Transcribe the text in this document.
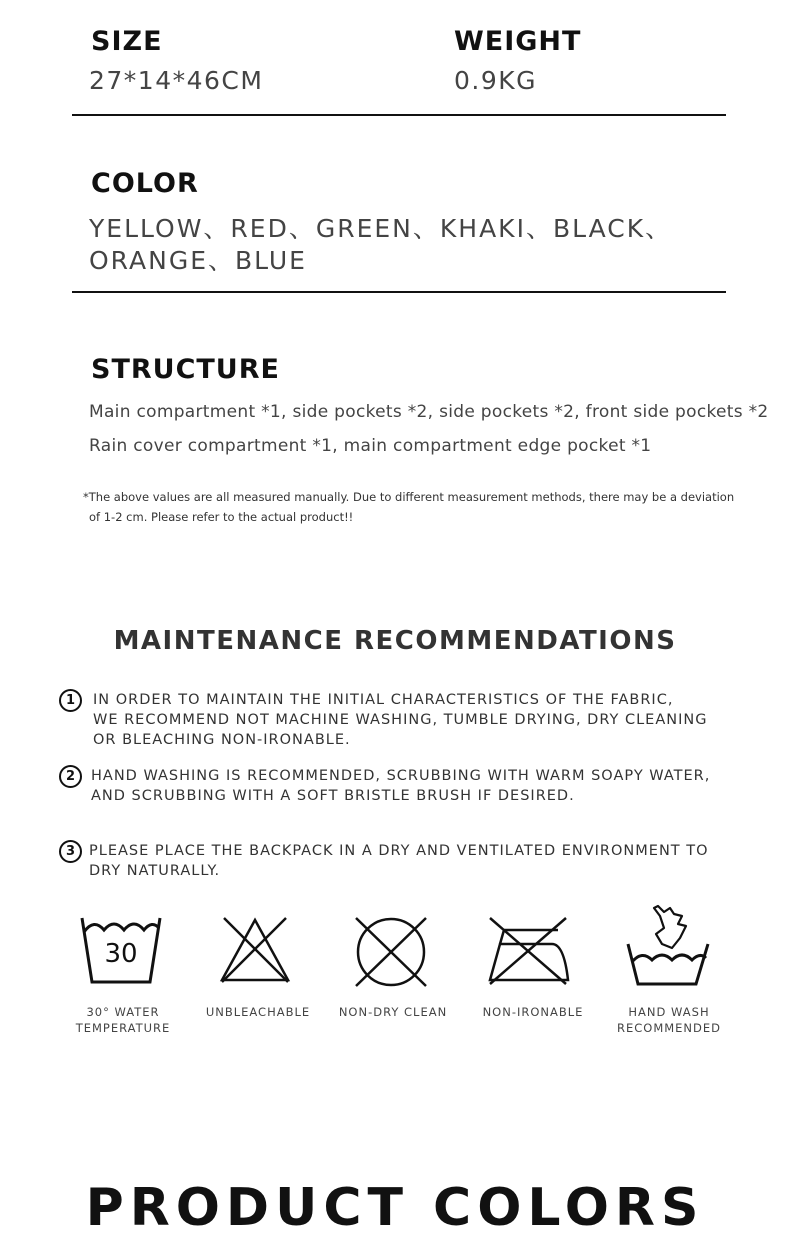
SIZE
27*14*46CM
WEIGHT
0.9KG
COLOR
YELLOW、RED、GREEN、KHAKI、BLACK、
ORANGE、BLUE
STRUCTURE
Main compartment *1, side pockets *2, side pockets *2, front side pockets *2
Rain cover compartment *1, main compartment edge pocket *1
*The above values are all measured manually. Due to different measurement methods, there may be a deviation
of 1-2 cm. Please refer to the actual product!!
MAINTENANCE RECOMMENDATIONS
1	IN ORDER TO MAINTAIN THE INITIAL CHARACTERISTICS OF THE FABRIC,
WE RECOMMEND NOT MACHINE WASHING, TUMBLE DRYING, DRY CLEANING
OR BLEACHING NON-IRONABLE.
2	HAND WASHING IS RECOMMENDED, SCRUBBING WITH WARM SOAPY WATER,
AND SCRUBBING WITH A SOFT BRISTLE BRUSH IF DESIRED.
3 PLEASE PLACE THE BACKPACK IN A DRY AND VENTILATED ENVIRONMENT TO
DRY NATURALLY.
30
30° WATER
TEMPERATURE
UNBLEACHABLE	NON-DRY CLEAN	NON-IRONABLE	HAND WASH
RECOMMENDED
PRODUCT COLORS
